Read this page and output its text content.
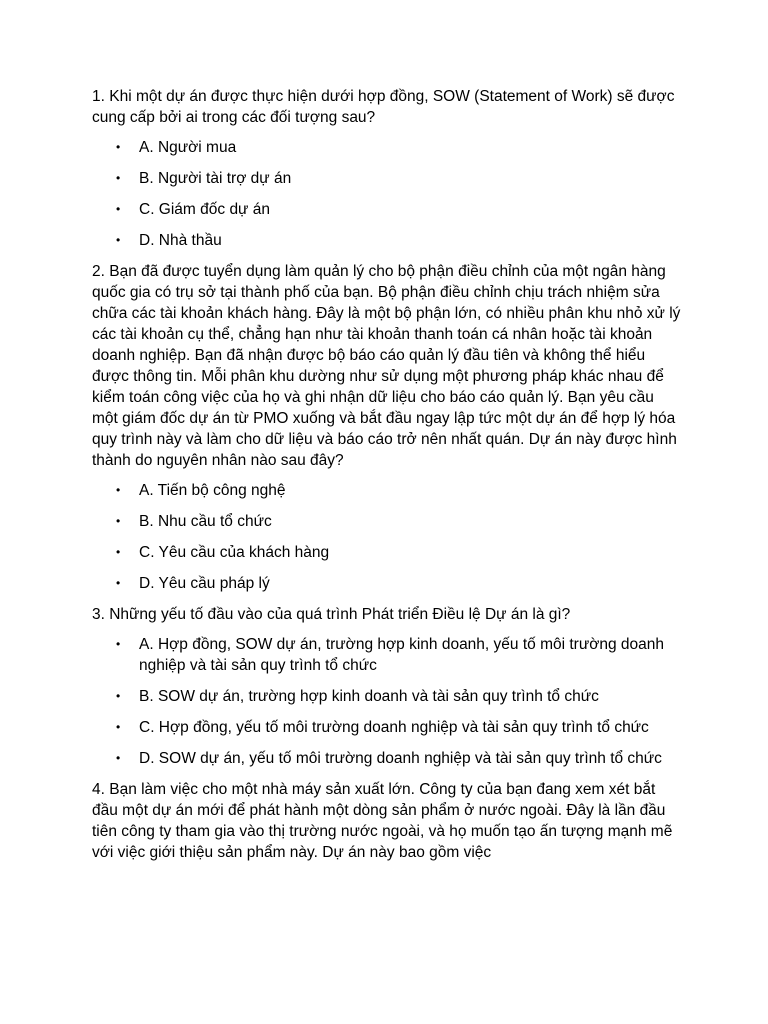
1. Khi một dự án được thực hiện dưới hợp đồng, SOW (Statement of Work) sẽ được cung cấp bởi ai trong các đối tượng sau?

• A. Người mua
• B. Người tài trợ dự án
• C. Giám đốc dự án
• D. Nhà thầu

2. Bạn đã được tuyển dụng làm quản lý cho bộ phận điều chỉnh của một ngân hàng quốc gia có trụ sở tại thành phố của bạn. Bộ phận điều chỉnh chịu trách nhiệm sửa chữa các tài khoản khách hàng. Đây là một bộ phận lớn, có nhiều phân khu nhỏ xử lý các tài khoản cụ thể, chẳng hạn như tài khoản thanh toán cá nhân hoặc tài khoản doanh nghiệp. Bạn đã nhận được bộ báo cáo quản lý đầu tiên và không thể hiểu được thông tin. Mỗi phân khu dường như sử dụng một phương pháp khác nhau để kiểm toán công việc của họ và ghi nhận dữ liệu cho báo cáo quản lý. Bạn yêu cầu một giám đốc dự án từ PMO xuống và bắt đầu ngay lập tức một dự án để hợp lý hóa quy trình này và làm cho dữ liệu và báo cáo trở nên nhất quán. Dự án này được hình thành do nguyên nhân nào sau đây?

• A. Tiến bộ công nghệ
• B. Nhu cầu tổ chức
• C. Yêu cầu của khách hàng
• D. Yêu cầu pháp lý

3. Những yếu tố đầu vào của quá trình Phát triển Điều lệ Dự án là gì?

• A. Hợp đồng, SOW dự án, trường hợp kinh doanh, yếu tố môi trường doanh nghiệp và tài sản quy trình tổ chức
• B. SOW dự án, trường hợp kinh doanh và tài sản quy trình tổ chức
• C. Hợp đồng, yếu tố môi trường doanh nghiệp và tài sản quy trình tổ chức
• D. SOW dự án, yếu tố môi trường doanh nghiệp và tài sản quy trình tổ chức

4. Bạn làm việc cho một nhà máy sản xuất lớn. Công ty của bạn đang xem xét bắt đầu một dự án mới để phát hành một dòng sản phẩm ở nước ngoài. Đây là lần đầu tiên công ty tham gia vào thị trường nước ngoài, và họ muốn tạo ấn tượng mạnh mẽ với việc giới thiệu sản phẩm này. Dự án này bao gồm việc
